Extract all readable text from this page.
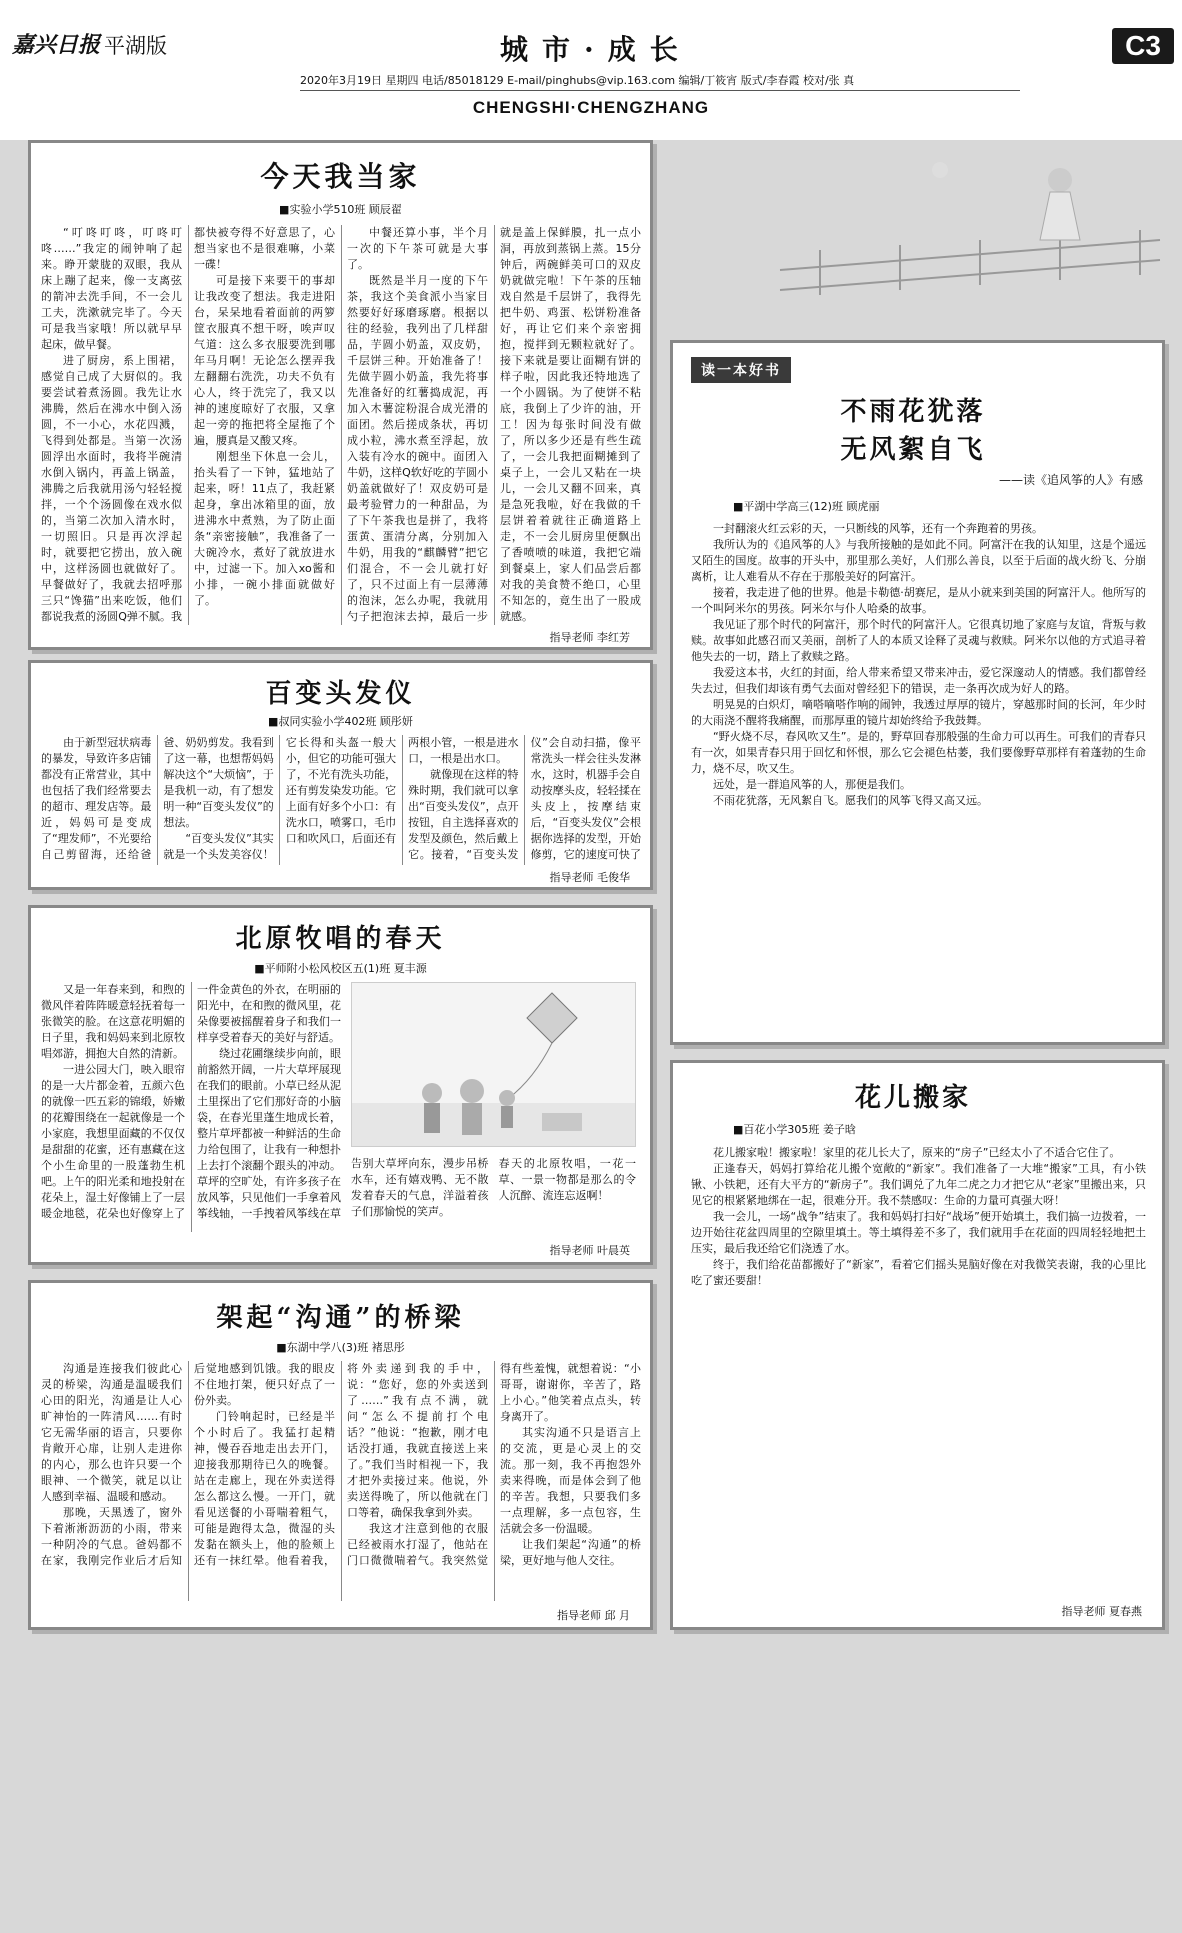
嘉兴日报 平湖版	城市·成长	C3
2020年3月19日 星期四 电话/85018129 E-mail/pinghubs@vip.163.com 编辑/丁筱宵 版式/李春霞 校对/张 真
CHENGSHI·CHENGZHANG
今天我当家
■实验小学510班 顾辰翟

“叮咚叮咚，叮咚叮咚……”我定的闹钟响了起来。睁开蒙胧的双眼，我从床上蹦了起来，像一支离弦的箭冲去洗手间，不一会儿工夫，洗漱就完毕了。今天可是我当家哦！所以就早早起床，做早餐。

进了厨房，系上围裙，感觉自己成了大厨似的。我要尝试着煮汤圆。我先让水沸腾，然后在沸水中倒入汤圆，不一小心，水花四溅，飞得到处都是。当第一次汤圆浮出水面时，我将半碗清水倒入锅内，再盖上锅盖，沸腾之后我就用汤勺轻轻搅拌，一个个汤圆像在戏水似的，当第二次加入清水时，一切照旧。只是再次浮起时，就要把它捞出，放入碗中，这样汤圆也就做好了。早餐做好了，我就去招呼那三只“馋猫”出来吃饭，他们都说我煮的汤圆Q弹不腻。我都快被夸得不好意思了，心想当家也不是很难嘛，小菜一碟！

可是接下来要干的事却让我改变了想法。我走进阳台，呆呆地看着面前的两箩筐衣服真不想干呀，唉声叹气道：这么多衣服要洗到哪年马月啊！无论怎么摆弄我左翻翻右洗洗，功夫不负有心人，终于洗完了，我又以神的速度晾好了衣服，又拿起一旁的拖把将全屋拖了个遍，腰真是又酸又疼。

刚想坐下休息一会儿，抬头看了一下钟，猛地站了起来，呀！11点了，我赶紧起身，拿出冰箱里的面，放进沸水中煮熟，为了防止面条“亲密接触”，我准备了一大碗冷水，煮好了就放进水中，过滤一下。加入xo酱和小排，一碗小排面就做好了。

中餐还算小事，半个月一次的下午茶可就是大事了。

既然是半月一度的下午茶，我这个美食派小当家目然要好好琢磨琢磨。根据以往的经验，我列出了几样甜品，芋圆小奶盖，双皮奶，千层饼三种。开始准备了！先做芋圆小奶盖，我先将事先准备好的红薯捣成泥，再加入木薯淀粉混合成光滑的面团。然后搓成条状，再切成小粒，沸水煮至浮起，放入装有冷水的碗中。面团入牛奶，这样Q软好吃的芋圆小奶盖就做好了！双皮奶可是最考验臂力的一种甜品，为了下午茶我也是拼了，我将蛋黄、蛋清分离，分别加入牛奶，用我的“麒麟臂”把它们混合，不一会儿就打好了，只不过面上有一层薄薄的泡沫，怎么办呢，我就用勺子把泡沫去掉，最后一步就是盖上保鲜膜，扎一点小洞，再放到蒸锅上蒸。15分钟后，两碗鲜美可口的双皮奶就做完啦！下午茶的压轴戏自然是千层饼了，我得先把牛奶、鸡蛋、松饼粉准备好，再让它们来个亲密拥抱，搅拌到无颗粒就好了。接下来就是要让面糊有饼的样子啦，因此我还特地选了一个小圆锅。为了使饼不粘底，我倒上了少许的油，开工！因为每张时间没有做了，所以多少还是有些生疏了，一会儿我把面糊摊到了桌子上，一会儿又粘在一块儿，一会儿又翻不回来，真是急死我啦，好在我做的千层饼着着就往正确道路上走，不一会儿厨房里便飘出了香喷喷的味道，我把它端到餐桌上，家人们品尝后都对我的美食赞不绝口，心里不知怎的，竟生出了一股成就感。

指导老师 李红芳
百变头发仪
■叔同实验小学402班 顾彤妍

由于新型冠状病毒的暴发，导致许多店铺都没有正常营业，其中也包括了我们经常要去的超市、理发店等。最近，妈妈可是变成了“理发师”，不光要给自己剪留海，还给爸爸、奶奶剪发。我看到了这一幕，也想帮妈妈解决这个“大烦恼”，于是我机一动，有了想发明一种“百变头发仪”的想法。

“百变头发仪”其实就是一个头发美容仪！它长得和头盔一般大小，但它的功能可强大了，不光有洗头功能，还有剪发染发功能。它上面有好多个小口：有洗水口，喷雾口，毛巾口和吹风口，后面还有两根小管，一根是进水口，一根是出水口。

就像现在这样的特殊时期，我们就可以拿出“百变头发仪”，点开按钮，自主选择喜欢的发型及颜色，然后戴上它。接着，“百变头发仪”会自动扫描，像平常洗头一样会往头发淋水，这时，机器手会自动按摩头皮，轻轻揉在头皮上，按摩结束后，“百变头发仪”会根据你选择的发型，开始修剪，它的速度可快了

指导老师 毛俊华
北原牧唱的春天
■平师附小松风校区五(1)班 夏丰源

又是一年春来到，和煦的微风伴着阵阵暖意轻抚着每一张微笑的脸。在这意花明媚的日子里，我和妈妈来到北原牧唱郊游，拥抱大自然的清新。

一进公园大门，映入眼帘的是一大片都金着，五颜六色的就像一匹五彩的锦缎，娇嫩的花瓣围绕在一起就像是一个小家庭，我想里面藏的不仅仅是甜甜的花蜜，还有惠藏在这个小生命里的一股蓬勃生机吧。上午的阳光柔和地投射在花朵上，湿土好像铺上了一层暖金地毯，花朵也好像穿上了一件金黄色的外衣，在明丽的阳光中，在和煦的微风里，花朵像要被摇醒着身子和我们一样享受着春天的美好与舒适。

绕过花圃继续步向前，眼前豁然开阔，一片大草坪展现在我们的眼前。小草已经从泥土里探出了它们那好奇的小脑袋，在春光里蓬生地成长着，整片草坪都被一种鲜活的生命力给包围了，让我有一种想扑上去打个滚翻个跟头的冲动。草坪的空旷处，有许多孩子在放风筝，只见他们一手拿着风筝线轴，一手拽着风筝线在草

告别大草坪向东，漫步吊桥水车，还有嬉戏鸭、无不散发着春天的气息，洋溢着孩子们那愉悦的笑声。

春天的北原牧唱，一花一草、一景一物都是那么的令人沉醉、流连忘返啊！

指导老师 叶晨英
架起“沟通”的桥梁
■东湖中学八(3)班 褚思彤

沟通是连接我们彼此心灵的桥梁，沟通是温暖我们心田的阳光，沟通是让人心旷神怡的一阵清风……有时它无需华丽的语言，只要你肯敞开心扉，让别人走进你的内心，那么也许只要一个眼神、一个微笑，就足以让人感到幸福、温暖和感动。

那晚，天黑透了，窗外下着淅淅沥沥的小雨，带来一种阴冷的气息。爸妈都不在家，我刚完作业后才后知后觉地感到饥饿。我的眼皮不住地打架，便只好点了一份外卖。

门铃响起时，已经是半个小时后了。我猛打起精神，慢吞吞地走出去开门，迎接我那期待已久的晚餐。站在走廊上，现在外卖送得怎么都这么慢。一开门，就看见送餐的小哥喘着粗气，可能是跑得太急，微湿的头发黏在额头上，他的脸颊上还有一抹红晕。他看着我，将外卖递到我的手中，说：“您好，您的外卖送到了……”我有点不满，就问“怎么不提前打个电话？”他说：“抱歉，刚才电话没打通，我就直接送上来了。”我们当时相视一下，我才把外卖接过来。他说，外卖送得晚了，所以他就在门口等着，确保我拿到外卖。

我这才注意到他的衣服已经被雨水打湿了，他站在门口微微喘着气。我突然觉得有些羞愧，就想着说：“小哥哥，谢谢你，辛苦了，路上小心。”他笑着点点头，转身离开了。

其实沟通不只是语言上的交流，更是心灵上的交流。那一刻，我不再抱怨外卖来得晚，而是体会到了他的辛苦。我想，只要我们多一点理解，多一点包容，生活就会多一份温暖。

让我们架起“沟通”的桥梁，更好地与他人交往。

指导老师 邱 月
读一本好书
不雨花犹落
无风絮自飞
——读《追风筝的人》有感
■平湖中学高三(12)班 顾虎丽

一封翻滚火红云彩的天，一只断线的风筝，还有一个奔跑着的男孩。

我所认为的《追风筝的人》与我所接触的是如此不同。阿富汗在我的认知里，这是个遥远又陌生的国度。故事的开头中，那里那么美好，人们那么善良，以至于后面的战火纷飞、分崩离析，让人难看从不存在于那般美好的阿富汗。

接着，我走进了他的世界。他是卡勒德·胡赛尼，是从小就来到美国的阿富汗人。他所写的一个叫阿米尔的男孩。阿米尔与仆人哈桑的故事。

我见证了那个时代的阿富汗，那个时代的阿富汗人。它很真切地了家庭与友谊，背叛与救赎。故事如此感召而又美丽，剖析了人的本质又诠释了灵魂与救赎。阿米尔以他的方式追寻着他失去的一切，踏上了救赎之路。

我爱这本书，火红的封面，给人带来希望又带来冲击，爱它深邃动人的情感。我们都曾经失去过，但我们却该有勇气去面对曾经犯下的错误，走一条再次成为好人的路。

明晃晃的白炽灯，嘀嗒嘀嗒作响的闹钟，我透过厚厚的镜片，穿越那时间的长河，年少时的大雨浇不醒将我痛醒，而那厚重的镜片却始终给予我鼓舞。

“野火烧不尽，春风吹又生”。是的，野草回春那般强的生命力可以再生。可我们的青春只有一次，如果青春只用于回忆和怀恨，那么它会褪色枯萎，我们要像野草那样有着蓬勃的生命力，烧不尽，吹又生。

远处，是一群追风筝的人，那便是我们。

不雨花犹落，无风絮自飞。愿我们的风筝飞得又高又远。

花儿搬家
■百花小学305班 姜子晗

花儿搬家啦！搬家啦！家里的花儿长大了，原来的“房子”已经太小了不适合它住了。

正逢春天，妈妈打算给花儿搬个宽敞的“新家”。我们准备了一大堆“搬家”工具，有小铁锹、小铁耙，还有大平方的“新房子”。我们调兑了九年二虎之力才把它从“老家”里搬出来，只见它的根紧紧地绑在一起，很难分开。我不禁感叹：生命的力量可真强大呀！

我一会儿，一场“战争”结束了。我和妈妈打扫好“战场”便开始填土，我们搞一边拨着，一边开始往花盆四周里的空隙里填土。等土填得差不多了，我们就用手在花面的四周轻轻地把土压实，最后我还给它们浇透了水。

终于，我们给花苗都搬好了“新家”，看着它们摇头晃脑好像在对我微笑表谢，我的心里比吃了蜜还要甜！

指导老师 夏春燕
